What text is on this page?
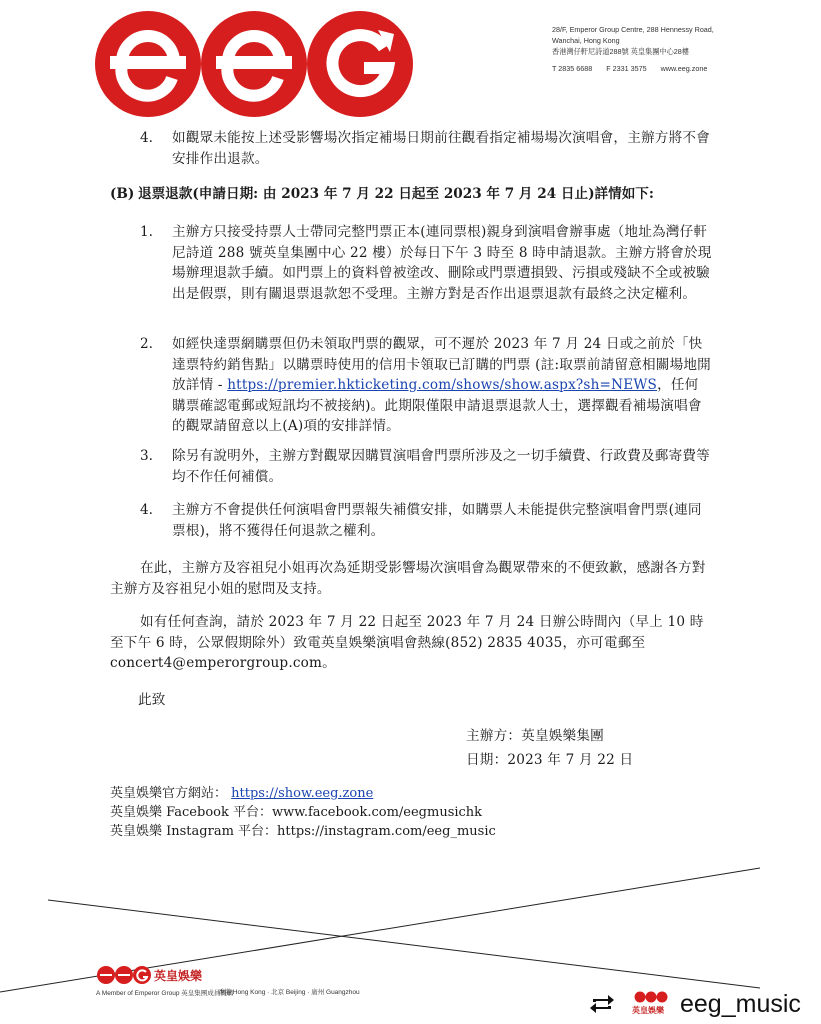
28/F, Emperor Group Centre, 288 Hennessy Road,
Wanchai, Hong Kong
香港灣仔軒尼詩道288號 英皇集團中心28樓
T 2835 6688 F 2331 3575 www.eeg.zone
4. 如觀眾未能按上述受影響場次指定補場日期前往觀看指定補場場次演唱會，主辦方將不會安排作出退款。
(B) 退票退款(申請日期: 由 2023 年 7 月 22 日起至 2023 年 7 月 24 日止)詳情如下:
1. 主辦方只接受持票人士帶同完整門票正本(連同票根)親身到演唱會辦事處（地址為灣仔軒尼詩道 288 號英皇集團中心 22 樓）於每日下午 3 時至 8 時申請退款。主辦方將會於現場辦理退款手續。如門票上的資料曾被塗改、刪除或門票遭損毀、污損或殘缺不全或被驗出是假票，則有關退票退款恕不受理。主辦方對是否作出退票退款有最終之決定權利。
2. 如經快達票網購票但仍未領取門票的觀眾，可不遲於 2023 年 7 月 24 日或之前於「快達票特約銷售點」以購票時使用的信用卡領取已訂購的門票 (註:取票前請留意相關場地開放詳情 - https://premier.hkticketing.com/shows/show.aspx?sh=NEWS，任何購票確認電郵或短訊均不被接納)。此期限僅限申請退票退款人士，選擇觀看補場演唱會的觀眾請留意以上(A)項的安排詳情。
3. 除另有說明外，主辦方對觀眾因購買演唱會門票所涉及之一切手續費、行政費及郵寄費等均不作任何補償。
4. 主辦方不會提供任何演唱會門票報失補償安排，如購票人未能提供完整演唱會門票(連同票根)，將不獲得任何退款之權利。
在此，主辦方及容祖兒小姐再次為延期受影響場次演唱會為觀眾帶來的不便致歉，感謝各方對主辦方及容祖兒小姐的慰問及支持。
如有任何查詢，請於 2023 年 7 月 22 日起至 2023 年 7 月 24 日辦公時間內（早上 10 時至下午 6 時，公眾假期除外）致電英皇娛樂演唱會熱線(852) 2835 4035，亦可電郵至 concert4@emperorgroup.com。
此致
主辦方：英皇娛樂集團
日期：2023 年 7 月 22 日
英皇娛樂官方網站： https://show.eeg.zone
英皇娛樂 Facebook 平台：www.facebook.com/eegmusichk
英皇娛樂 Instagram 平台：https://instagram.com/eeg_music
英皇娛樂
A Member of Emperor Group 英皇集團成員機構
香港 Hong Kong · 北京 Beijing · 廣州 Guangzhou
英皇娛樂 eeg_music
